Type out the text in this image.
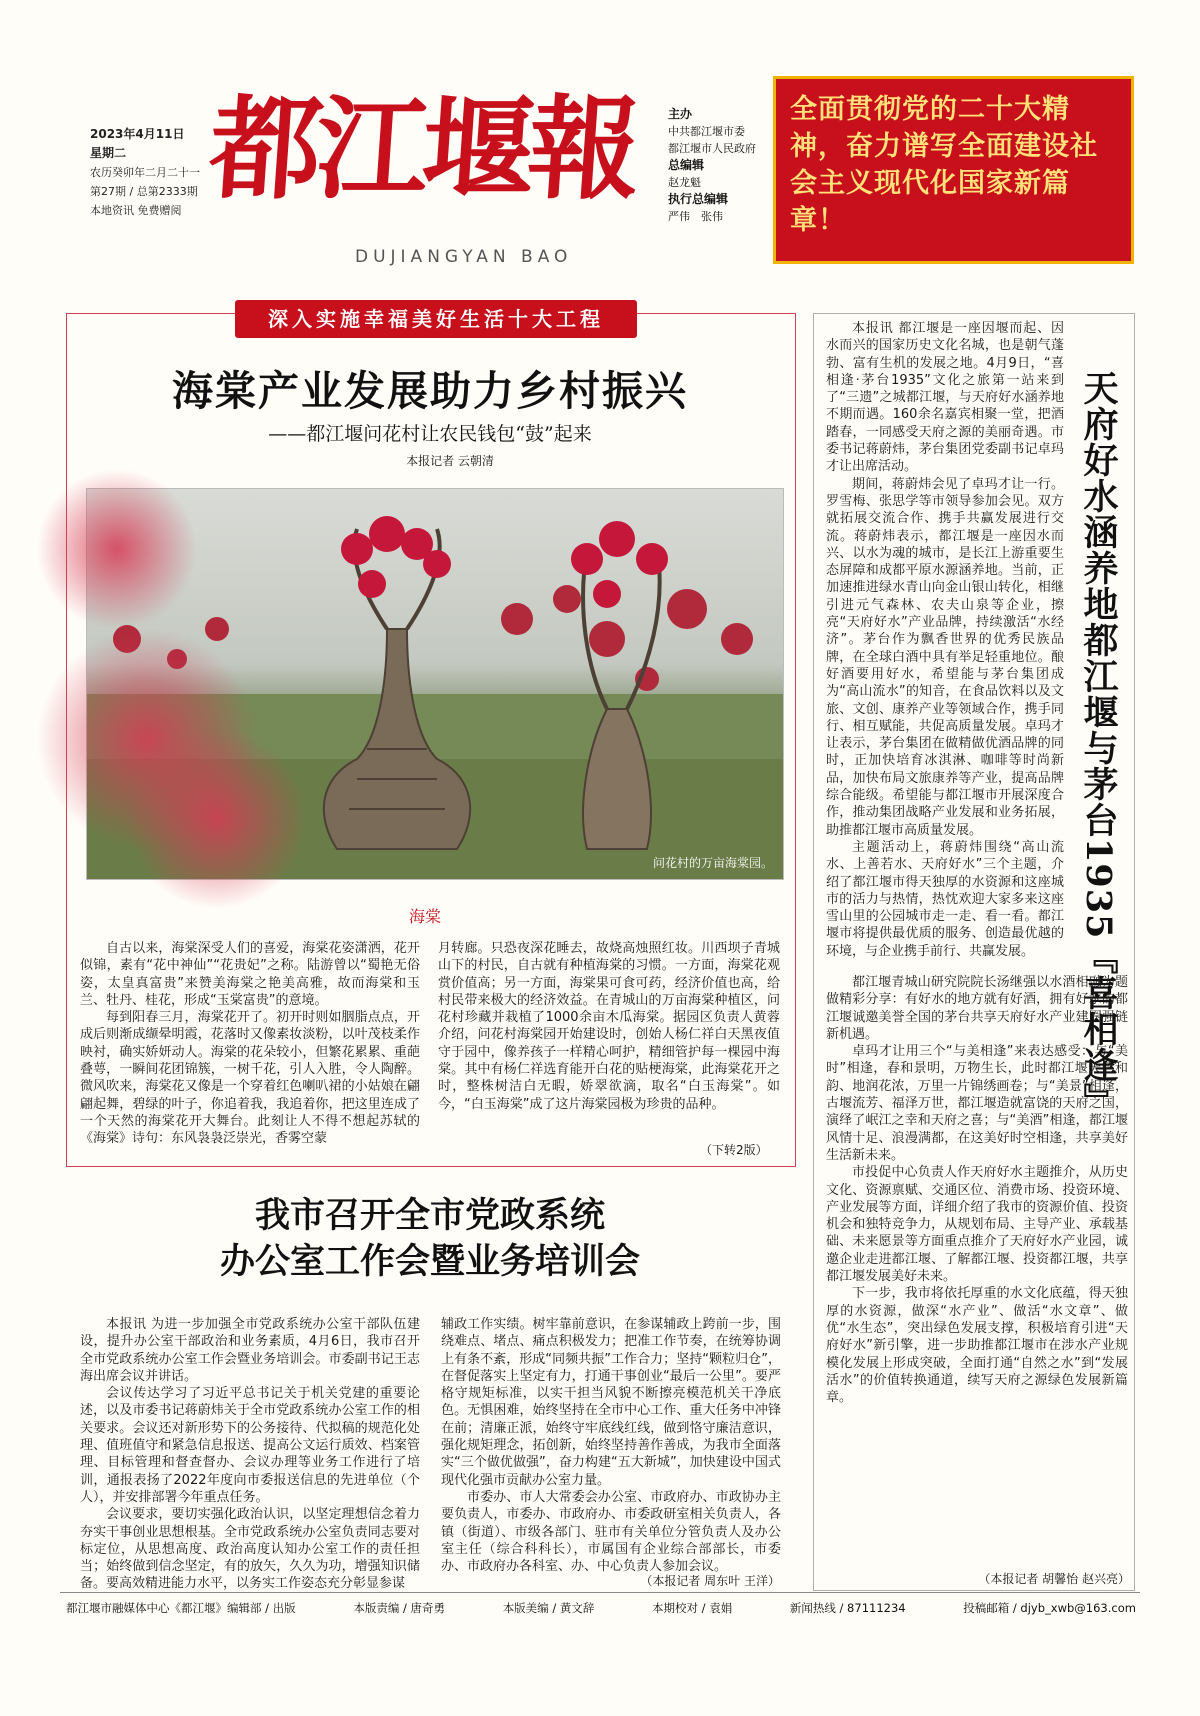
2023年4月11日
星期二
农历癸卯年二月二十一
第27期 / 总第2333期
本地资讯 免费赠阅 都江堰報
DUJIANGYAN BAO
主办
中共都江堰市委
都江堰市人民政府
总编辑
赵龙魁
执行总编辑
严伟　张伟
全面贯彻党的二十大精神，奋力谱写全面建设社会主义现代化国家新篇章！
深入实施幸福美好生活十大工程
海棠产业发展助力乡村振兴
——都江堰问花村让农民钱包“鼓”起来
本报记者 云朝清
问花村的万亩海棠园。
海棠

自古以来，海棠深受人们的喜爱，海棠花姿潇洒，花开似锦，素有“花中神仙”“花贵妃”之称。陆游曾以“蜀艳无俗姿，太皇真富贵”来赞美海棠之艳美高雅，故而海棠和玉兰、牡丹、桂花，形成“玉棠富贵”的意境。

每到阳春三月，海棠花开了。初开时则如胭脂点点，开成后则渐成缬晕明霞，花落时又像素妆淡粉，以叶茂枝柔作映衬，确实娇妍动人。海棠的花朵较小，但繁花累累、重葩叠萼，一瞬间花团锦簇，一树千花，引人入胜，令人陶醉。微风吹来，海棠花又像是一个穿着红色喇叭裙的小姑娘在翩翩起舞，碧绿的叶子，你追着我，我追着你，把这里连成了一个天然的海棠花开大舞台。此刻让人不得不想起苏轼的《海棠》诗句：东风袅袅泛崇光，香雾空蒙

月转廊。只恐夜深花睡去，故烧高烛照红妆。川西坝子青城山下的村民，自古就有种植海棠的习惯。一方面，海棠花观赏价值高；另一方面，海棠果可食可药，经济价值也高，给村民带来极大的经济效益。在青城山的万亩海棠种植区，问花村珍藏并栽植了1000余亩木瓜海棠。据园区负责人黄蓉介绍，问花村海棠园开始建设时，创始人杨仁祥白天黑夜值守于园中，像养孩子一样精心呵护，精细管护每一棵园中海棠。其中有杨仁祥选育能开白花的贴梗海棠，此海棠花开之时，整株树洁白无暇，娇翠欲滴，取名“白玉海棠”。如今，“白玉海棠”成了这片海棠园极为珍贵的品种。

（下转2版）
我市召开全市党政系统
办公室工作会暨业务培训会

本报讯 为进一步加强全市党政系统办公室干部队伍建设，提升办公室干部政治和业务素质，4月6日，我市召开全市党政系统办公室工作会暨业务培训会。市委副书记王志海出席会议并讲话。

会议传达学习了习近平总书记关于机关党建的重要论述，以及市委书记蒋蔚炜关于全市党政系统办公室工作的相关要求。会议还对新形势下的公务接待、代拟稿的规范化处理、值班值守和紧急信息报送、提高公文运行质效、档案管理、目标管理和督查督办、会议办理等业务工作进行了培训，通报表扬了2022年度向市委报送信息的先进单位（个人），并安排部署今年重点任务。

会议要求，要切实强化政治认识，以坚定理想信念着力夯实干事创业思想根基。全市党政系统办公室负责同志要对标定位，从思想高度、政治高度认知办公室工作的责任担当；始终做到信念坚定，有的放矢，久久为功，增强知识储备。要高效精进能力水平，以务实工作姿态充分彰显参谋

辅政工作实绩。树牢靠前意识，在参谋辅政上跨前一步，围绕难点、堵点、痛点积极发力；把准工作节奏，在统筹协调上有条不紊，形成“同频共振”工作合力；坚持“颗粒归仓”，在督促落实上坚定有力，打通干事创业“最后一公里”。要严格守规矩标准，以实干担当风貌不断擦亮模范机关干净底色。无惧困难，始终坚持在全市中心工作、重大任务中冲锋在前；清廉正派，始终守牢底线红线，做到恪守廉洁意识，强化规矩理念，拓创新，始终坚持善作善成，为我市全面落实“三个做优做强”，奋力构建“五大新城”，加快建设中国式现代化强市贡献办公室力量。

市委办、市人大常委会办公室、市政府办、市政协办主要负责人，市委办、市政府办、市委政研室相关负责人，各镇（街道）、市级各部门、驻市有关单位分管负责人及办公室主任（综合科科长），市属国有企业综合部部长，市委办、市政府办各科室、办、中心负责人参加会议。

（本报记者 周东叶 王洋）
天府好水涵养地都江堰与茅台1935『喜相逢』

本报讯 都江堰是一座因堰而起、因水而兴的国家历史文化名城，也是朝气蓬勃、富有生机的发展之地。4月9日，“喜相逢·茅台1935”文化之旅第一站来到了“三遗”之城都江堰，与天府好水涵养地不期而遇。160余名嘉宾相聚一堂，把酒踏春，一同感受天府之源的美丽奇遇。市委书记蒋蔚炜，茅台集团党委副书记卓玛才让出席活动。

期间，蒋蔚炜会见了卓玛才让一行。罗雪梅、张思学等市领导参加会见。双方就拓展交流合作、携手共赢发展进行交流。蒋蔚炜表示，都江堰是一座因水而兴、以水为魂的城市，是长江上游重要生态屏障和成都平原水源涵养地。当前，正加速推进绿水青山向金山银山转化，相继引进元气森林、农夫山泉等企业，擦亮“天府好水”产业品牌，持续激活“水经济”。茅台作为飘香世界的优秀民族品牌，在全球白酒中具有举足轻重地位。酿好酒要用好水，希望能与茅台集团成为“高山流水”的知音，在食品饮料以及文旅、文创、康养产业等领域合作，携手同行、相互赋能，共促高质量发展。卓玛才让表示，茅台集团在做精做优酒品牌的同时，正加快培育冰淇淋、咖啡等时尚新品，加快布局文旅康养等产业，提高品牌综合能级。希望能与都江堰市开展深度合作，推动集团战略产业发展和业务拓展，助推都江堰市高质量发展。

主题活动上，蒋蔚炜围绕“高山流水、上善若水、天府好水”三个主题，介绍了都江堰市得天独厚的水资源和这座城市的活力与热情，热忱欢迎大家多来这座雪山里的公园城市走一走、看一看。都江堰市将提供最优质的服务、创造最优越的环境，与企业携手前行、共赢发展。

都江堰青城山研究院院长汤继强以水酒相融为题做精彩分享：有好水的地方就有好酒，拥有好水的都江堰诚邀美誉全国的茅台共享天府好水产业建圈强链新机遇。

卓玛才让用三个“与美相逢”来表达感受：与“美时”相逢，春和景明，万物生长，此时都江堰天色和韵、地润花浓，万里一片锦绣画卷；与“美景”相逢，古堰流芳、福泽万世，都江堰造就富饶的天府之国，演绎了岷江之幸和天府之喜；与“美酒”相逢，都江堰风情十足、浪漫满都，在这美好时空相逢，共享美好生活新未来。

市投促中心负责人作天府好水主题推介，从历史文化、资源禀赋、交通区位、消费市场、投资环境、产业发展等方面，详细介绍了我市的资源价值、投资机会和独特竞争力，从规划布局、主导产业、承载基础、未来愿景等方面重点推介了天府好水产业园，诚邀企业走进都江堰、了解都江堰、投资都江堰，共享都江堰发展美好未来。

下一步，我市将依托厚重的水文化底蕴，得天独厚的水资源，做深“水产业”、做活“水文章”、做优“水生态”，突出绿色发展支撑，积极培育引进“天府好水”新引擎，进一步助推都江堰市在涉水产业规模化发展上形成突破，全面打通“自然之水”到“发展活水”的价值转换通道，续写天府之源绿色发展新篇章。

（本报记者 胡馨怡 赵兴亮）
都江堰市融媒体中心《都江堰》编辑部 / 出版	本版责编 / 唐奇勇	本版美编 / 黄文辞	本期校对 / 袁娟	新闻热线 / 87111234	投稿邮箱 / djyb_xwb@163.com
